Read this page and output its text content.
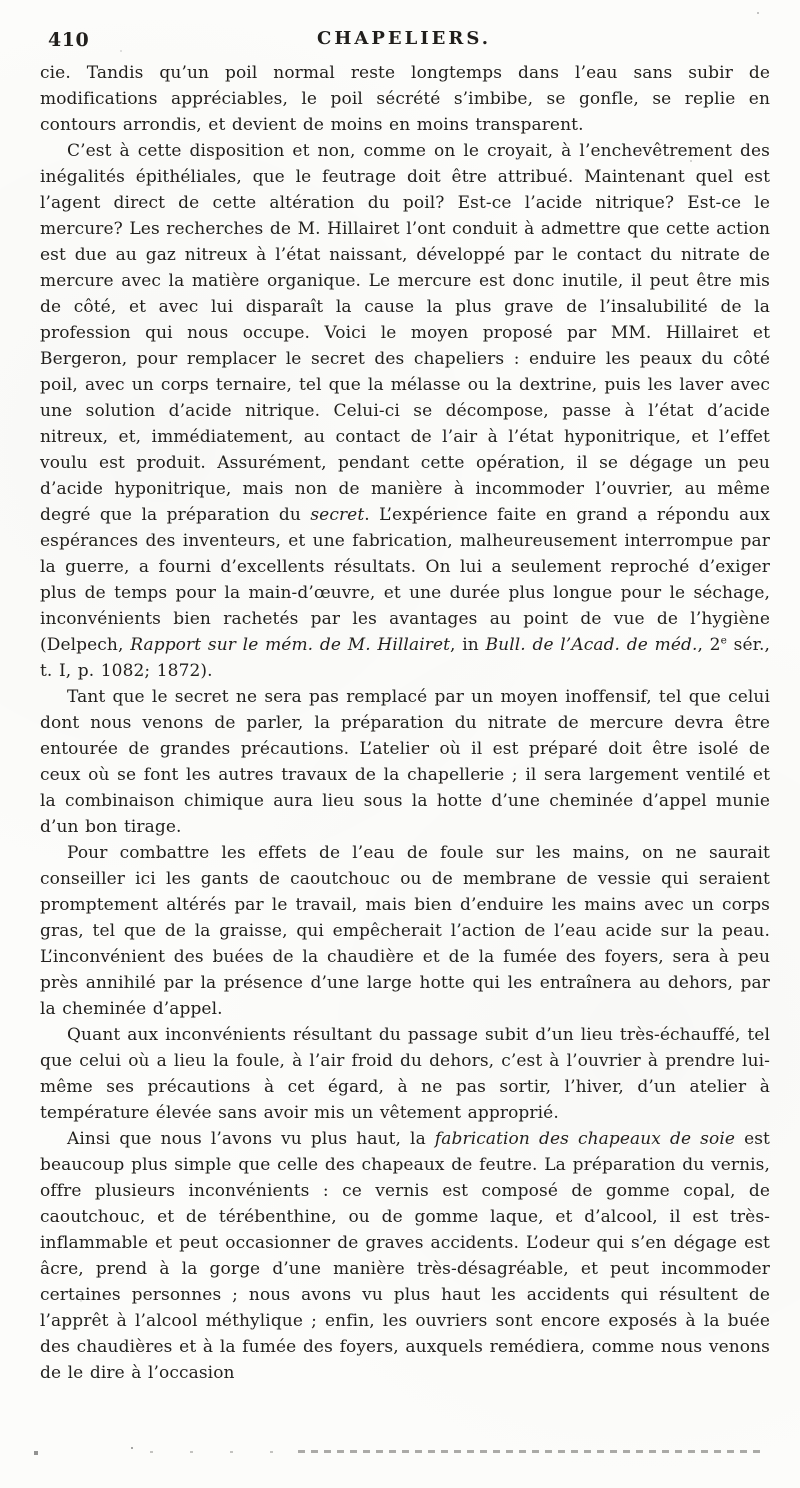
410	CHAPELIERS.

cie. Tandis qu’un poil normal reste longtemps dans l’eau sans subir de modifications appréciables, le poil sécrété s’imbibe, se gonfle, se replie en contours arrondis, et devient de moins en moins transparent.

C’est à cette disposition et non, comme on le croyait, à l’enchevêtrement des inégalités épithéliales, que le feutrage doit être attribué. Maintenant quel est l’agent direct de cette altération du poil? Est-ce l’acide nitrique? Est-ce le mercure? Les recherches de M. Hillairet l’ont conduit à admettre que cette action est due au gaz nitreux à l’état naissant, développé par le contact du nitrate de mercure avec la matière organique. Le mercure est donc inutile, il peut être mis de côté, et avec lui disparaît la cause la plus grave de l’insalubilité de la profession qui nous occupe. Voici le moyen proposé par MM. Hillairet et Bergeron, pour remplacer le secret des chapeliers : enduire les peaux du côté poil, avec un corps ternaire, tel que la mélasse ou la dextrine, puis les laver avec une solution d’acide nitrique. Celui-ci se décompose, passe à l’état d’acide nitreux, et, immédiatement, au contact de l’air à l’état hyponitrique, et l’effet voulu est produit. Assurément, pendant cette opération, il se dégage un peu d’acide hyponitrique, mais non de manière à incommoder l’ouvrier, au même degré que la préparation du secret. L’expérience faite en grand a répondu aux espérances des inventeurs, et une fabrication, malheureusement interrompue par la guerre, a fourni d’excellents résultats. On lui a seulement reproché d’exiger plus de temps pour la main-d’œuvre, et une durée plus longue pour le séchage, inconvénients bien rachetés par les avantages au point de vue de l’hygiène (Delpech, Rapport sur le mém. de M. Hillairet, in Bull. de l’Acad. de méd., 2e sér., t. I, p. 1082; 1872).

Tant que le secret ne sera pas remplacé par un moyen inoffensif, tel que celui dont nous venons de parler, la préparation du nitrate de mercure devra être entourée de grandes précautions. L’atelier où il est préparé doit être isolé de ceux où se font les autres travaux de la chapellerie ; il sera largement ventilé et la combinaison chimique aura lieu sous la hotte d’une cheminée d’appel munie d’un bon tirage.

Pour combattre les effets de l’eau de foule sur les mains, on ne saurait conseiller ici les gants de caoutchouc ou de membrane de vessie qui seraient promptement altérés par le travail, mais bien d’enduire les mains avec un corps gras, tel que de la graisse, qui empêcherait l’action de l’eau acide sur la peau. L’inconvénient des buées de la chaudière et de la fumée des foyers, sera à peu près annihilé par la présence d’une large hotte qui les entraînera au dehors, par la cheminée d’appel.

Quant aux inconvénients résultant du passage subit d’un lieu très-échauffé, tel que celui où a lieu la foule, à l’air froid du dehors, c’est à l’ouvrier à prendre lui-même ses précautions à cet égard, à ne pas sortir, l’hiver, d’un atelier à température élevée sans avoir mis un vêtement approprié.

Ainsi que nous l’avons vu plus haut, la fabrication des chapeaux de soie est beaucoup plus simple que celle des chapeaux de feutre. La préparation du vernis, offre plusieurs inconvénients : ce vernis est composé de gomme copal, de caoutchouc, et de térébenthine, ou de gomme laque, et d’alcool, il est très-inflammable et peut occasionner de graves accidents. L’odeur qui s’en dégage est âcre, prend à la gorge d’une manière très-désagréable, et peut incommoder certaines personnes ; nous avons vu plus haut les accidents qui résultent de l’apprêt à l’alcool méthylique ; enfin, les ouvriers sont encore exposés à la buée des chaudières et à la fumée des foyers, auxquels remédiera, comme nous venons de le dire à l’occasion
